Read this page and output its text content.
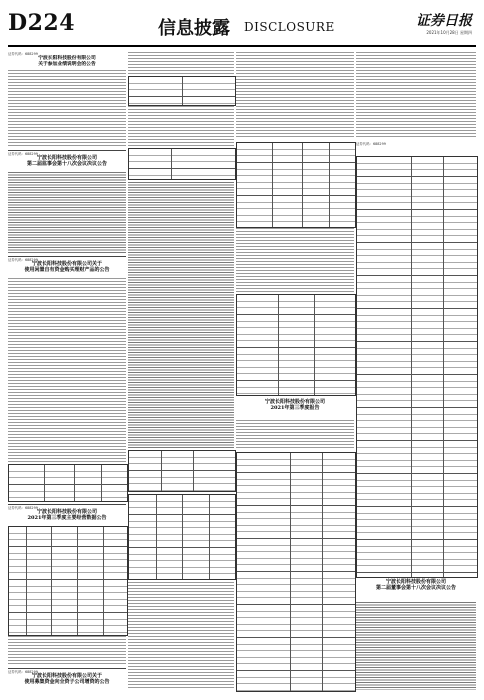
D224	信息披露 DISCLOSURE	证券日报
2021年10月28日 星期四
证券代码：688299
宁波长阳科技股份有限公司
关于参加业绩说明会的公告
证券代码：688299
宁波长阳科技股份有限公司
第二届监事会第十八次会议决议公告
证券代码：688299
宁波长阳科技股份有限公司关于
使用闲置自有资金购买理财产品的公告
证券代码：688299
宁波长阳科技股份有限公司
2021年第三季度主要经营数据公告
证券代码：688299
宁波长阳科技股份有限公司关于
使用募集资金向全资子公司增资的公告
宁波长阳科技股份有限公司
2021年第三季度报告
证券代码：688299
宁波长阳科技股份有限公司
第二届董事会第十八次会议决议公告
